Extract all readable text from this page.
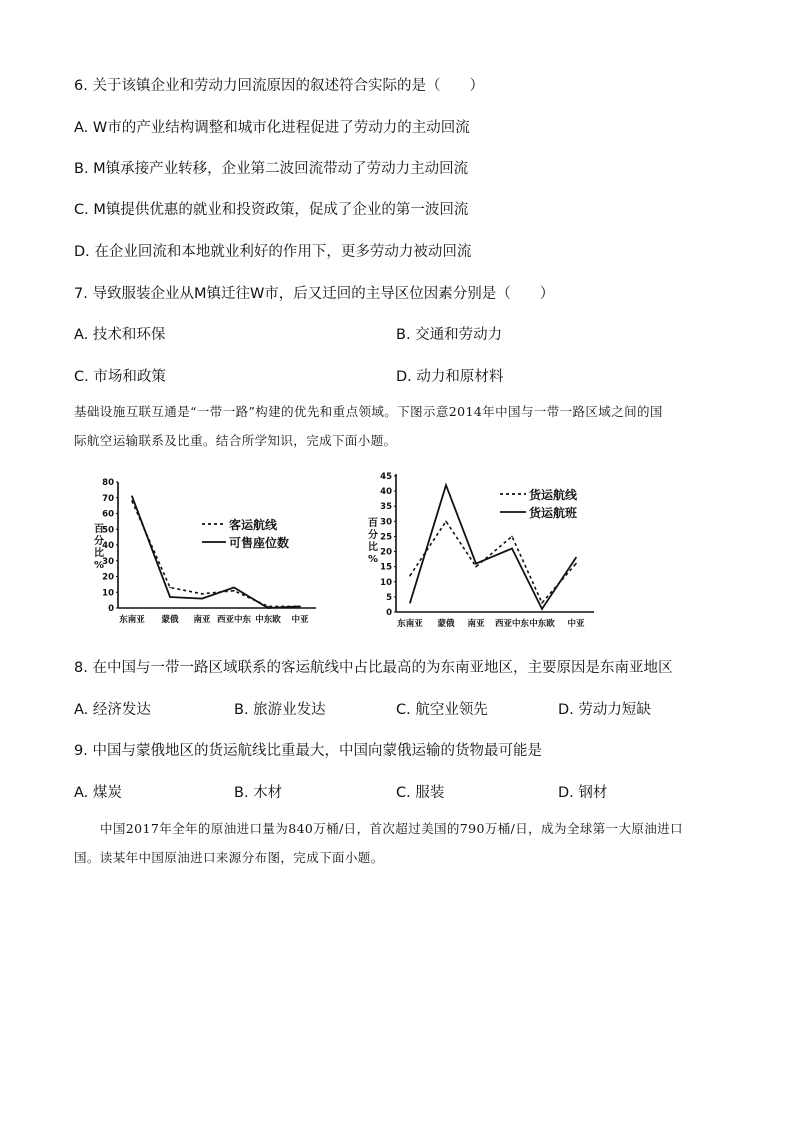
6. 关于该镇企业和劳动力回流原因的叙述符合实际的是（　　）
A. W市的产业结构调整和城市化进程促进了劳动力的主动回流
B. M镇承接产业转移，企业第二波回流带动了劳动力主动回流
C. M镇提供优惠的就业和投资政策，促成了企业的第一波回流
D. 在企业回流和本地就业利好的作用下，更多劳动力被动回流
7. 导致服装企业从M镇迁往W市，后又迁回的主导区位因素分别是（　　）
A. 技术和环保	B. 交通和劳动力
C. 市场和政策	D. 动力和原材料
基础设施互联互通是“一带一路”构建的优先和重点领域。下图示意2014年中国与一带一路区域之间的国
际航空运输联系及比重。结合所学知识，完成下面小题。
80
70
60
50
40
30
20
10
0
东南亚 蒙俄 南亚 西亚中东 中东欧 中亚
百
分
比
%
客运航线
可售座位数
45
40
35
30
25
20
15
10
5
0
东南亚 蒙俄 南亚 西亚中东 中东欧 中亚
百
分
比
%
货运航线
货运航班
8. 在中国与一带一路区域联系的客运航线中占比最高的为东南亚地区，主要原因是东南亚地区
A. 经济发达	B. 旅游业发达	C. 航空业领先	D. 劳动力短缺
9. 中国与蒙俄地区的货运航线比重最大，中国向蒙俄运输的货物最可能是
A. 煤炭	B. 木材	C. 服装	D. 钢材
中国2017年全年的原油进口量为840万桶/日，首次超过美国的790万桶/日，成为全球第一大原油进口
国。读某年中国原油进口来源分布图，完成下面小题。
